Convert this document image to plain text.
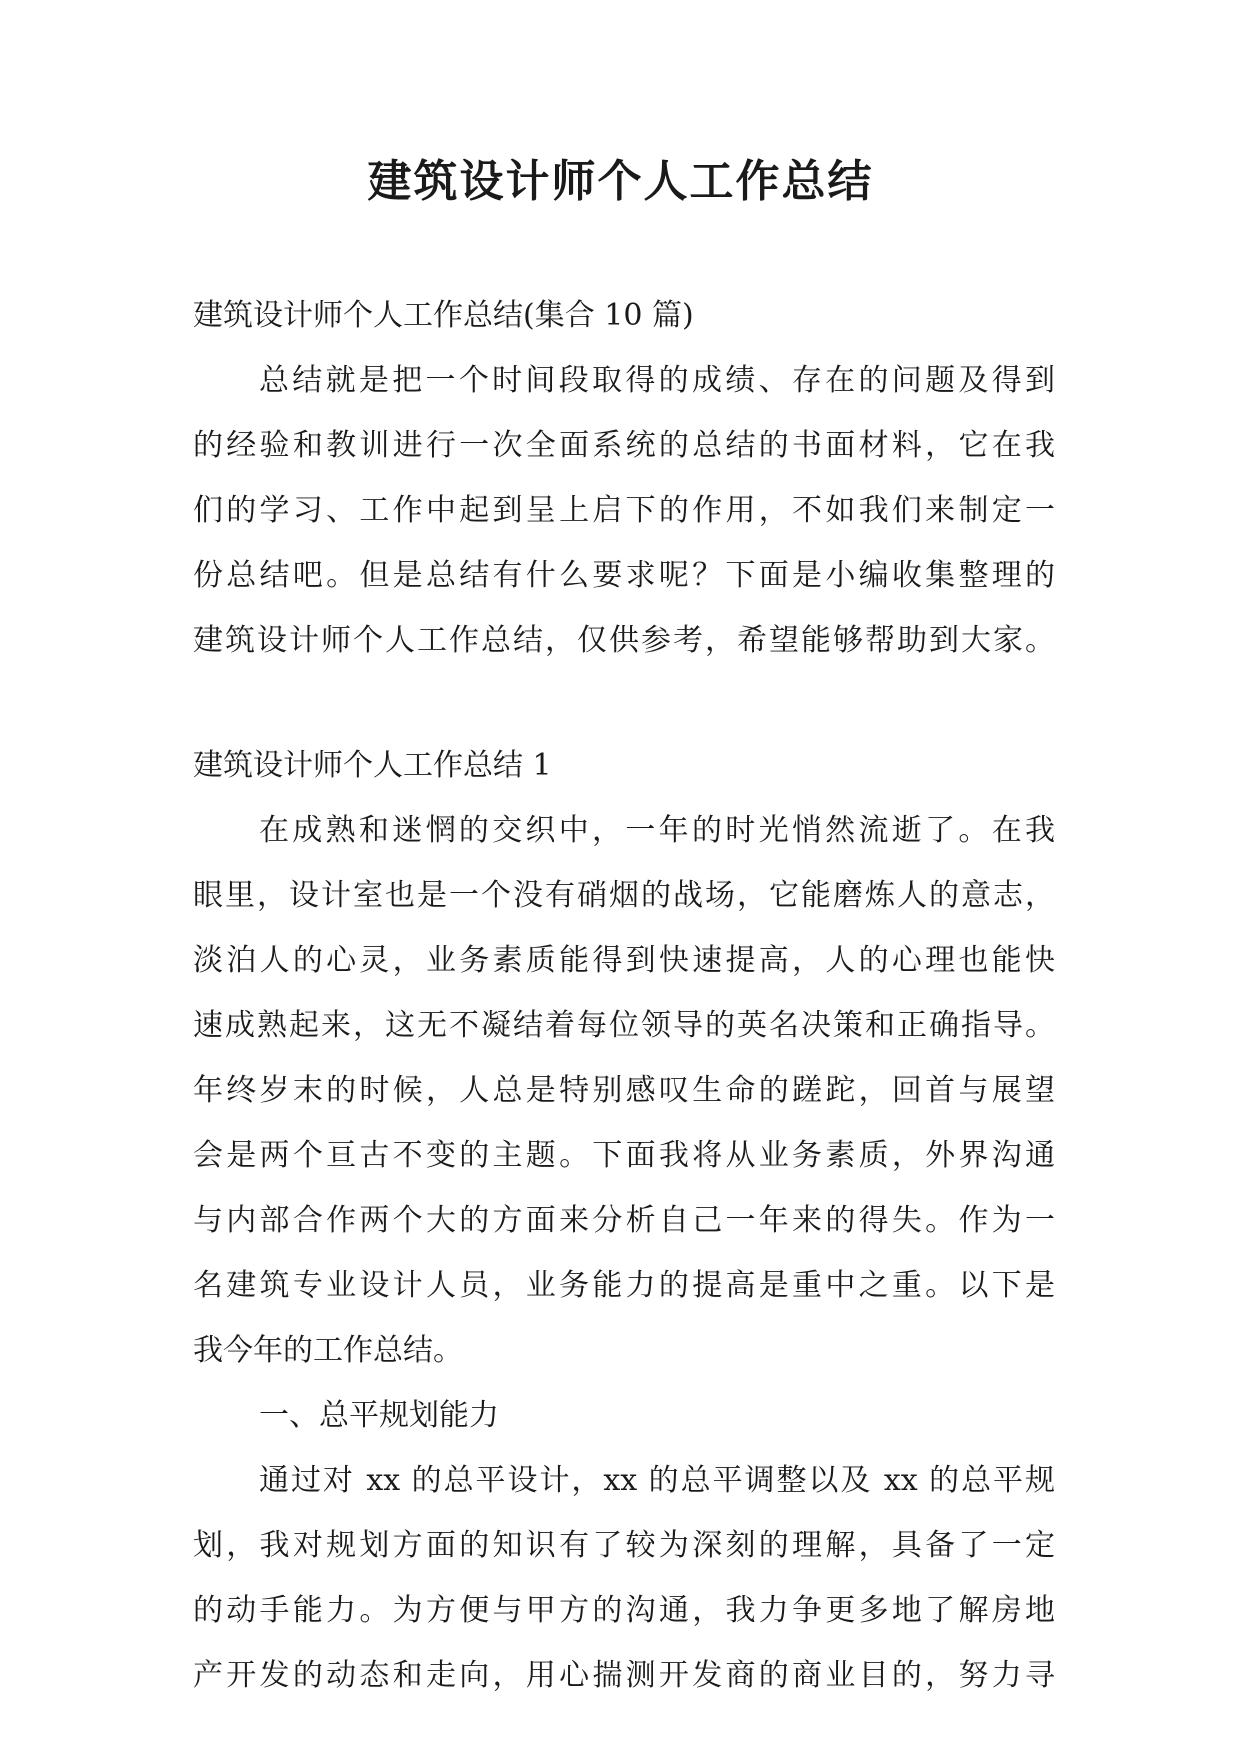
建筑设计师个人工作总结
建筑设计师个人工作总结(集合 10 篇)
总结就是把一个时间段取得的成绩、存在的问题及得到
的经验和教训进行一次全面系统的总结的书面材料，它在我
们的学习、工作中起到呈上启下的作用，不如我们来制定一
份总结吧。但是总结有什么要求呢？下面是小编收集整理的
建筑设计师个人工作总结，仅供参考，希望能够帮助到大家。
建筑设计师个人工作总结 1
在成熟和迷惘的交织中，一年的时光悄然流逝了。在我
眼里，设计室也是一个没有硝烟的战场，它能磨炼人的意志，
淡泊人的心灵，业务素质能得到快速提高，人的心理也能快
速成熟起来，这无不凝结着每位领导的英名决策和正确指导。
年终岁末的时候，人总是特别感叹生命的蹉跎，回首与展望
会是两个亘古不变的主题。下面我将从业务素质，外界沟通
与内部合作两个大的方面来分析自己一年来的得失。作为一
名建筑专业设计人员，业务能力的提高是重中之重。以下是
我今年的工作总结。
一、总平规划能力
通过对 xx 的总平设计，xx 的总平调整以及 xx 的总平规
划，我对规划方面的知识有了较为深刻的理解，具备了一定
的动手能力。为方便与甲方的沟通，我力争更多地了解房地
产开发的动态和走向，用心揣测开发商的商业目的，努力寻
